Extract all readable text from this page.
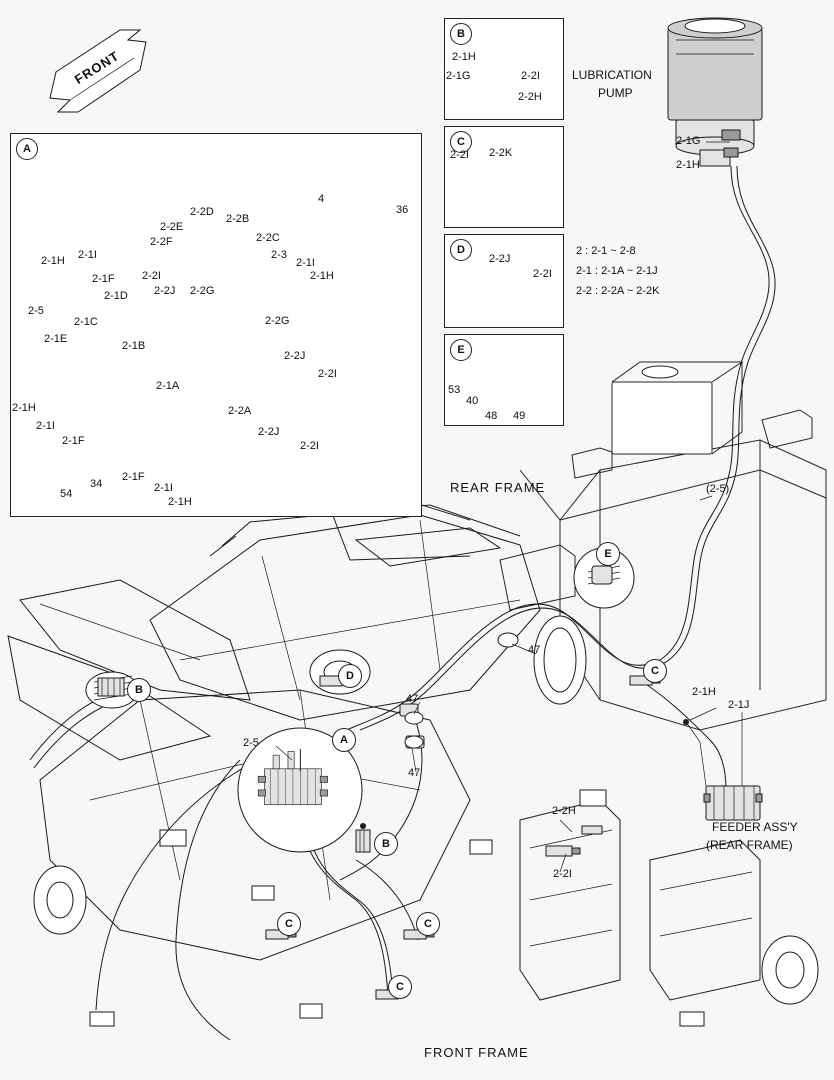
A
B
C
D
E
FRONT	2-1H
2-1G	2-2I
2-2H
2-2I 2-2K
2-2J
2-2I
53
40
48 49
2 : 2-1 ~ 2-8
2-1 : 2-1A ~ 2-1J
2-2 : 2-2A ~ 2-2K
LUBRICATION
PUMP
REAR FRAME
FRONT FRAME
FEEDER ASS'Y
(REAR FRAME)
(2-5)
2-1G
2-1H
2-1H
2-1J
2-5
47
47
47
2-2H
2-2I
B
B
C
C	C
C
D
A
E
2-1H 2-1I
2-1F
2-1D
2-1C
2-1E
2-5
2-1B
2-1A
2-1H
2-1I
2-1F
2-1F
2-1I
2-1H
54
34
2-2I
2-2J 2-2G
2-2E
2-2F
2-2D
2-2B
2-2C
2-3
2-1I
2-1H
2-2G
2-2J
2-2I
2-2A
2-2J
2-2I
4
36
